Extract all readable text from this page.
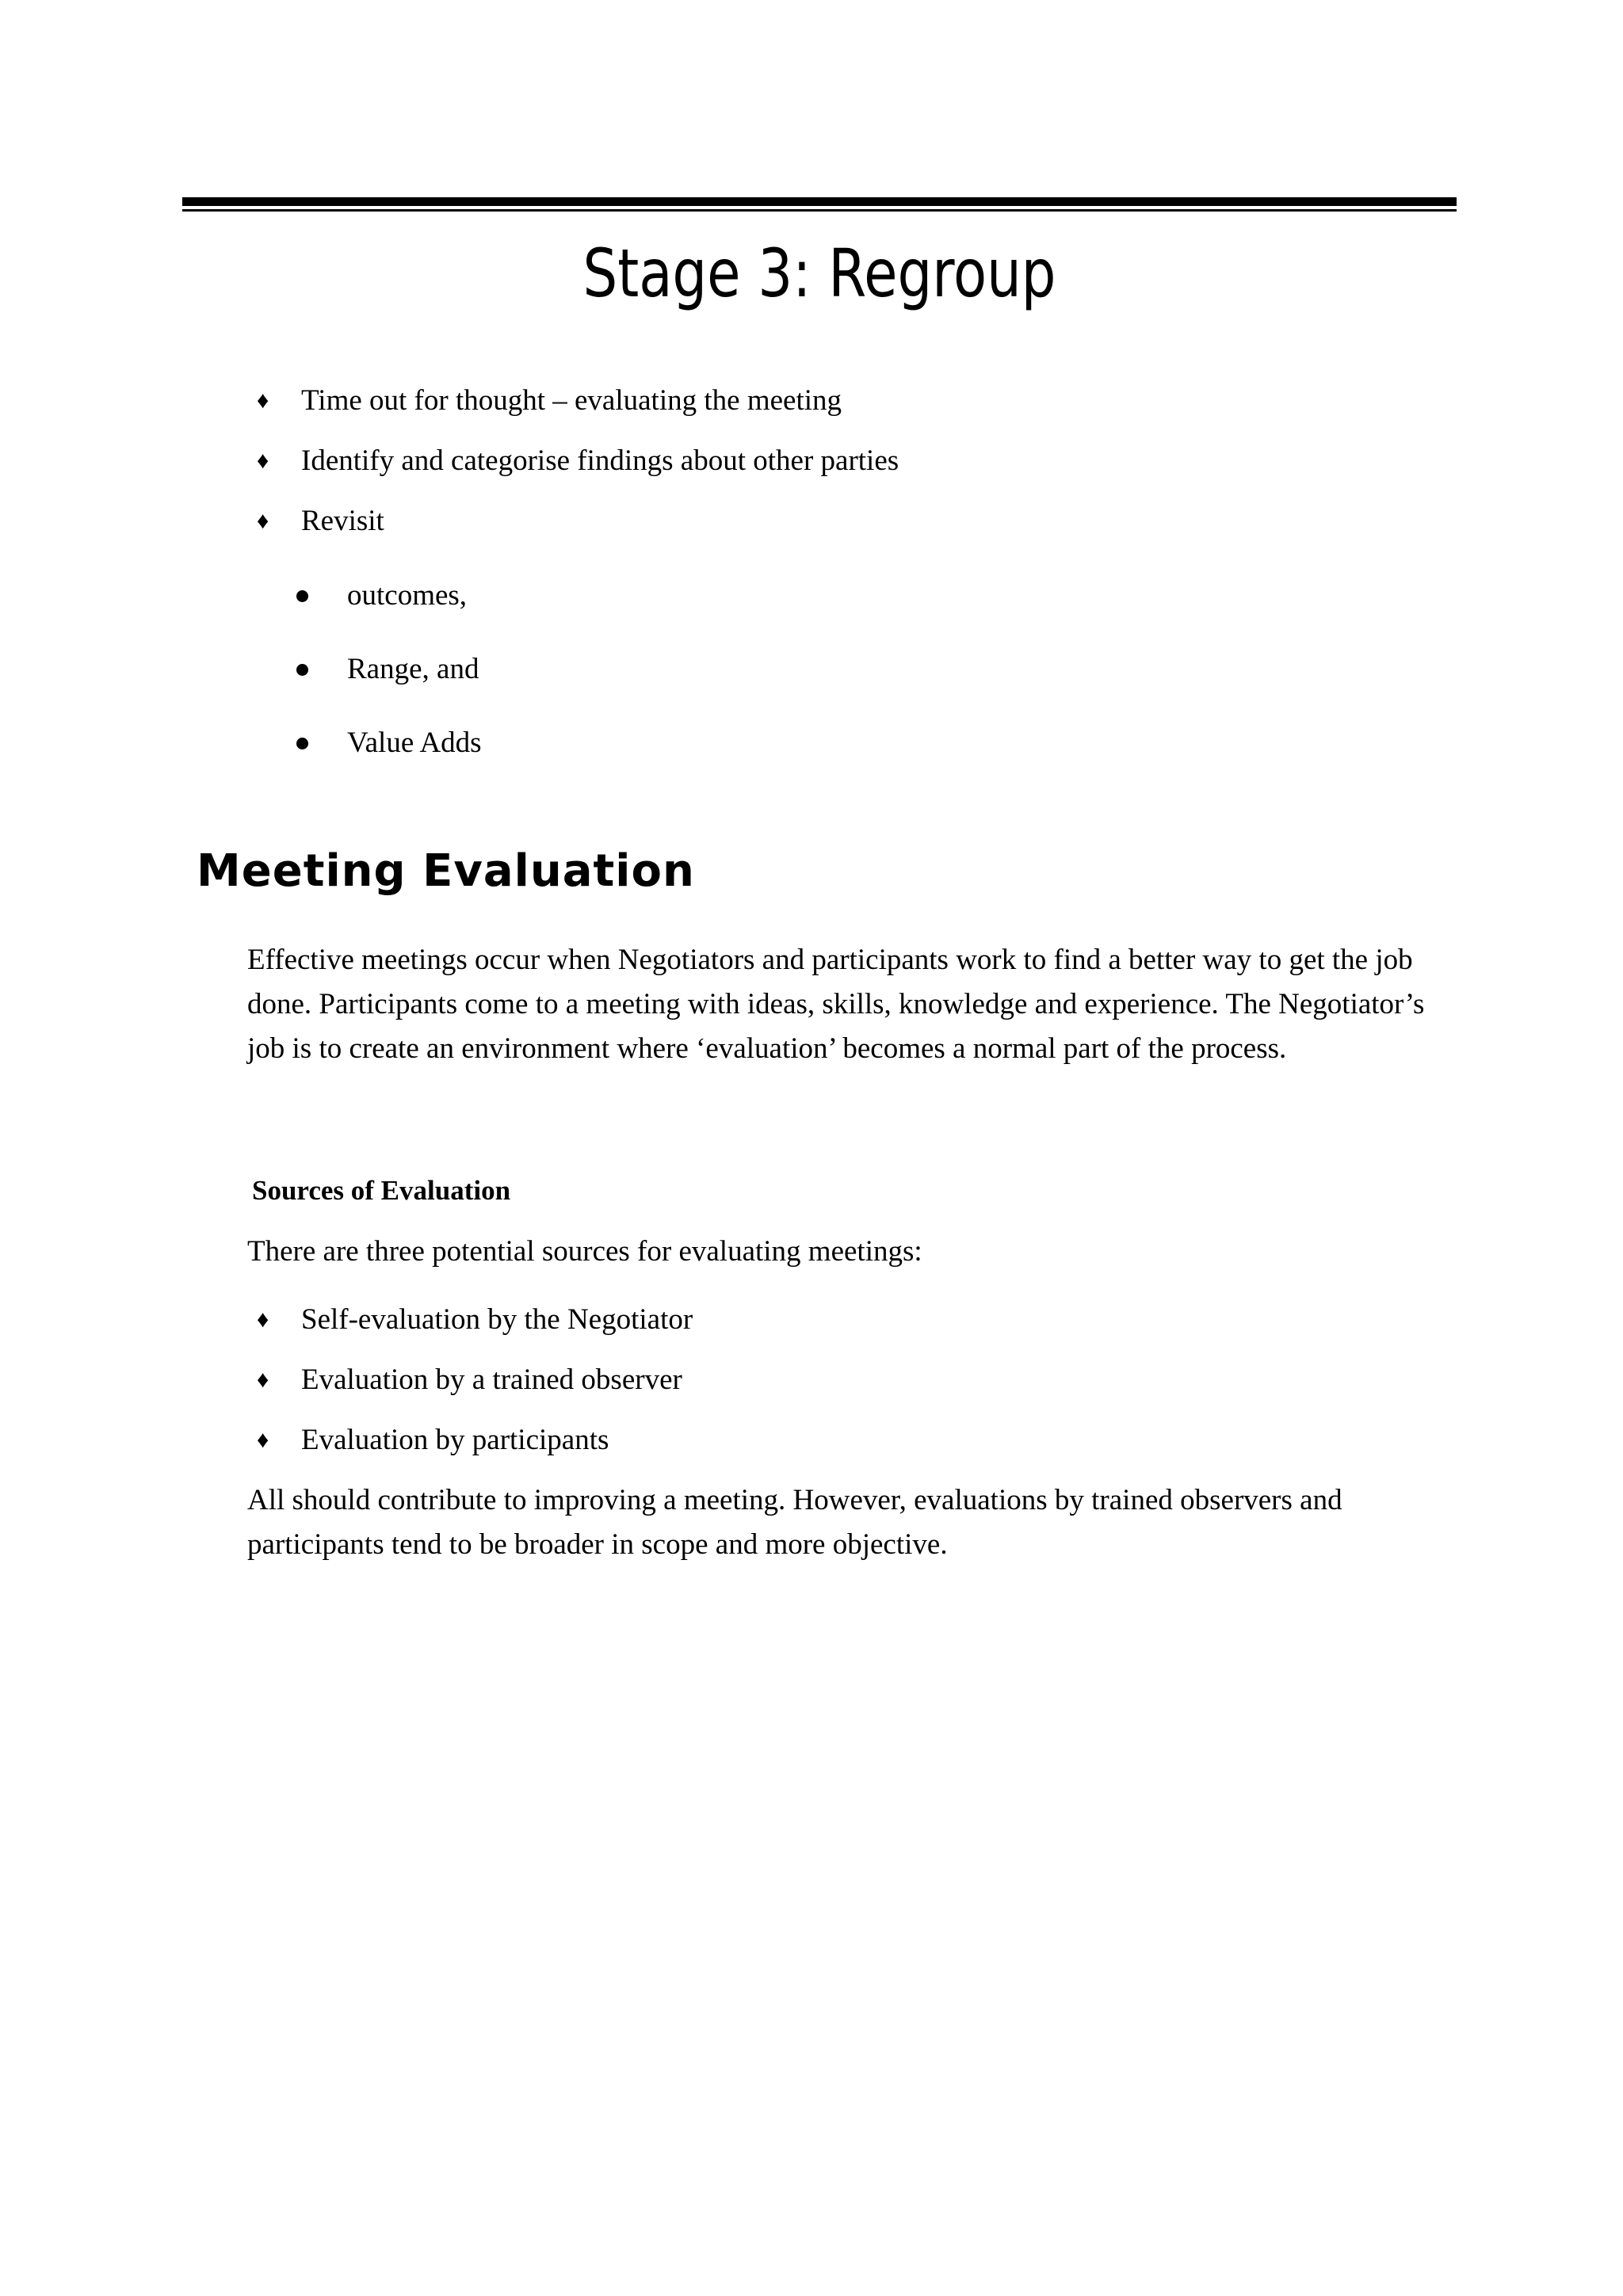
Stage 3: Regroup
♦ Time out for thought – evaluating the meeting
♦ Identify and categorise findings about other parties
♦ Revisit
outcomes,
Range, and
Value Adds
Meeting Evaluation

Effective meetings occur when Negotiators and participants work to find a better way to get the job done. Participants come to a meeting with ideas, skills, knowledge and experience. The Negotiator’s job is to create an environment where ‘evaluation’ becomes a normal part of the process.

Sources of Evaluation

There are three potential sources for evaluating meetings:

♦ Self-evaluation by the Negotiator
♦ Evaluation by a trained observer
♦ Evaluation by participants

All should contribute to improving a meeting. However, evaluations by trained observers and participants tend to be broader in scope and more objective.
